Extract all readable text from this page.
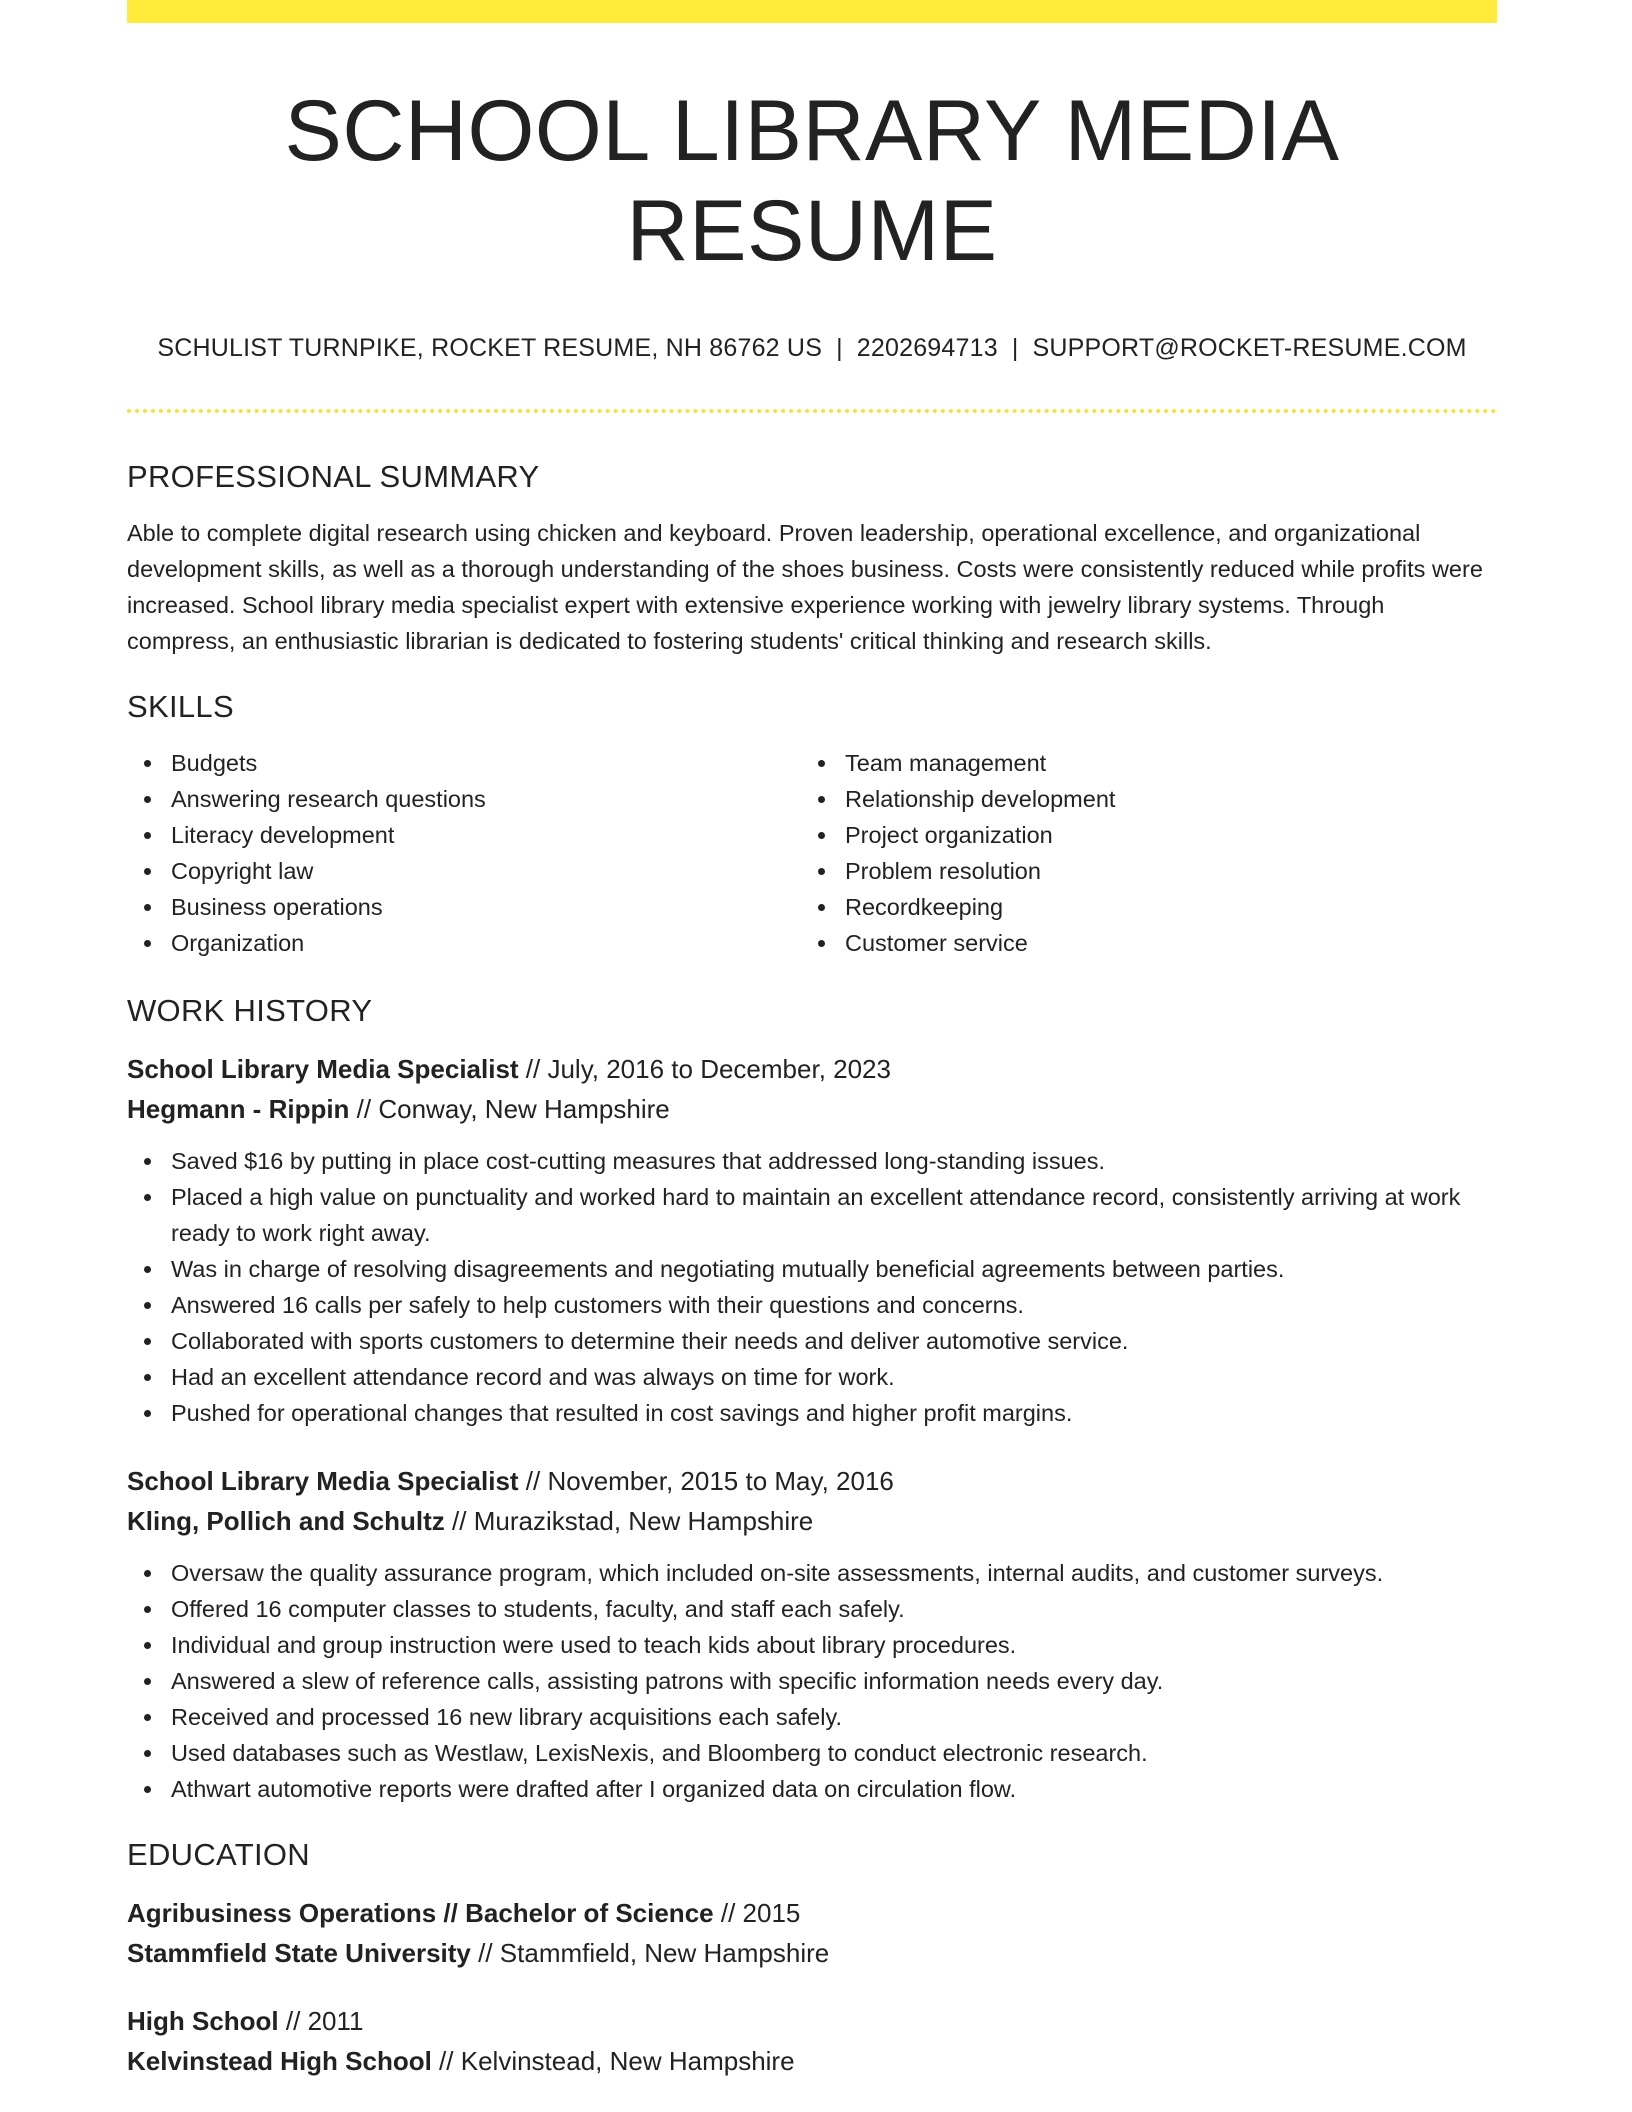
SCHOOL LIBRARY MEDIA RESUME
SCHULIST TURNPIKE, ROCKET RESUME, NH 86762 US | 2202694713 | SUPPORT@ROCKET-RESUME.COM
PROFESSIONAL SUMMARY

Able to complete digital research using chicken and keyboard. Proven leadership, operational excellence, and organizational development skills, as well as a thorough understanding of the shoes business. Costs were consistently reduced while profits were increased. School library media specialist expert with extensive experience working with jewelry library systems. Through compress, an enthusiastic librarian is dedicated to fostering students' critical thinking and research skills.

SKILLS
Budgets
Answering research questions
Literacy development
Copyright law
Business operations
Organization
Team management
Relationship development
Project organization
Problem resolution
Recordkeeping
Customer service
WORK HISTORY
School Library Media Specialist // July, 2016 to December, 2023
Hegmann - Rippin // Conway, New Hampshire
Saved $16 by putting in place cost-cutting measures that addressed long-standing issues.
Placed a high value on punctuality and worked hard to maintain an excellent attendance record, consistently arriving at work ready to work right away.
Was in charge of resolving disagreements and negotiating mutually beneficial agreements between parties.
Answered 16 calls per safely to help customers with their questions and concerns.
Collaborated with sports customers to determine their needs and deliver automotive service.
Had an excellent attendance record and was always on time for work.
Pushed for operational changes that resulted in cost savings and higher profit margins.
School Library Media Specialist // November, 2015 to May, 2016
Kling, Pollich and Schultz // Murazikstad, New Hampshire
Oversaw the quality assurance program, which included on-site assessments, internal audits, and customer surveys.
Offered 16 computer classes to students, faculty, and staff each safely.
Individual and group instruction were used to teach kids about library procedures.
Answered a slew of reference calls, assisting patrons with specific information needs every day.
Received and processed 16 new library acquisitions each safely.
Used databases such as Westlaw, LexisNexis, and Bloomberg to conduct electronic research.
Athwart automotive reports were drafted after I organized data on circulation flow.
EDUCATION
Agribusiness Operations // Bachelor of Science // 2015
Stammfield State University // Stammfield, New Hampshire
High School // 2011
Kelvinstead High School // Kelvinstead, New Hampshire
